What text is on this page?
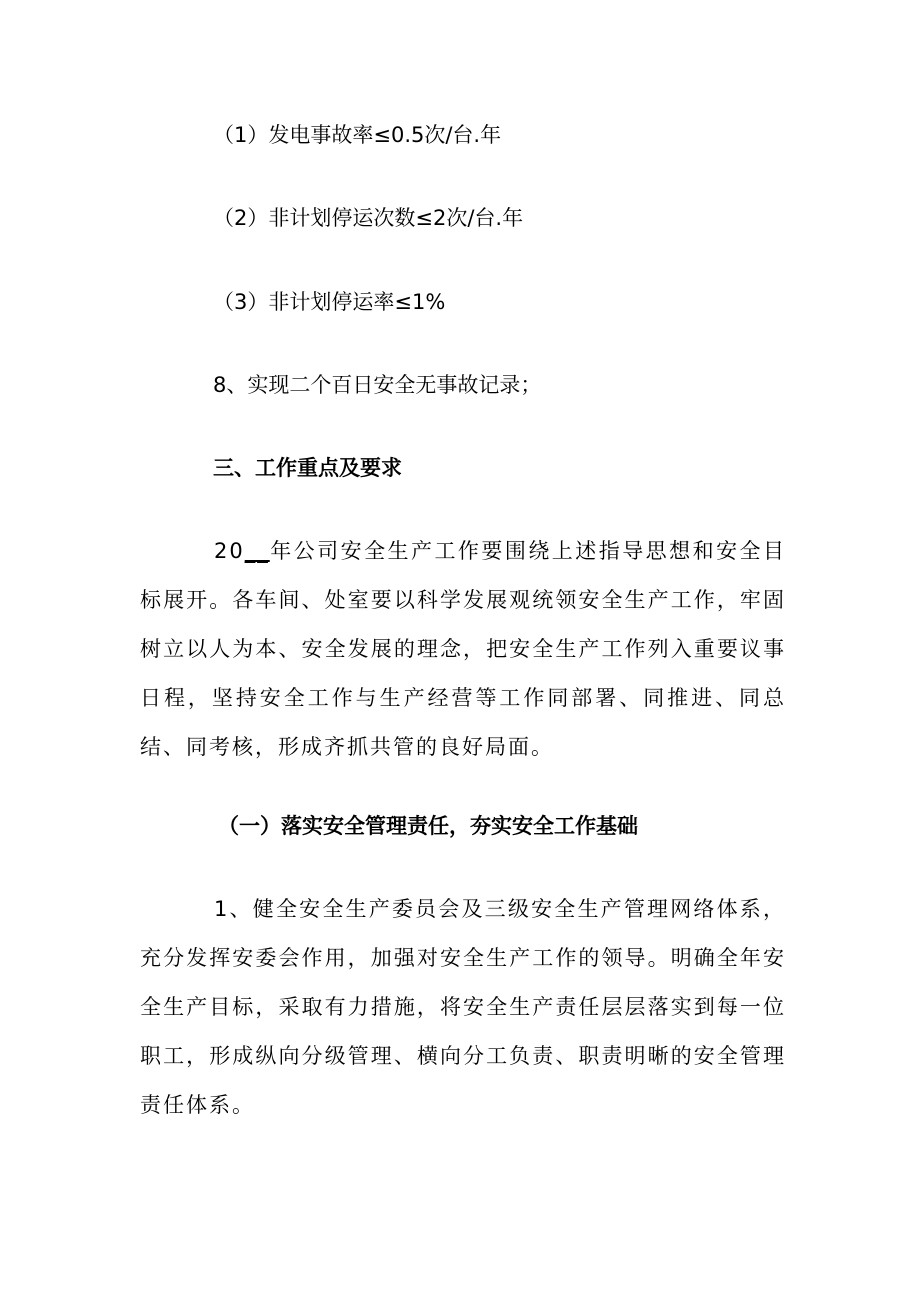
（1）发电事故率≤0.5次/台.年
（2）非计划停运次数≤2次/台.年
（3）非计划停运率≤1%
8、实现二个百日安全无事故记录；
三、工作重点及要求
20__年公司安全生产工作要围绕上述指导思想和安全目标展开。各车间、处室要以科学发展观统领安全生产工作，牢固树立以人为本、安全发展的理念，把安全生产工作列入重要议事日程，坚持安全工作与生产经营等工作同部署、同推进、同总结、同考核，形成齐抓共管的良好局面。
（一）落实安全管理责任，夯实安全工作基础
1、健全安全生产委员会及三级安全生产管理网络体系，充分发挥安委会作用，加强对安全生产工作的领导。明确全年安全生产目标，采取有力措施，将安全生产责任层层落实到每一位职工，形成纵向分级管理、横向分工负责、职责明晰的安全管理责任体系。
